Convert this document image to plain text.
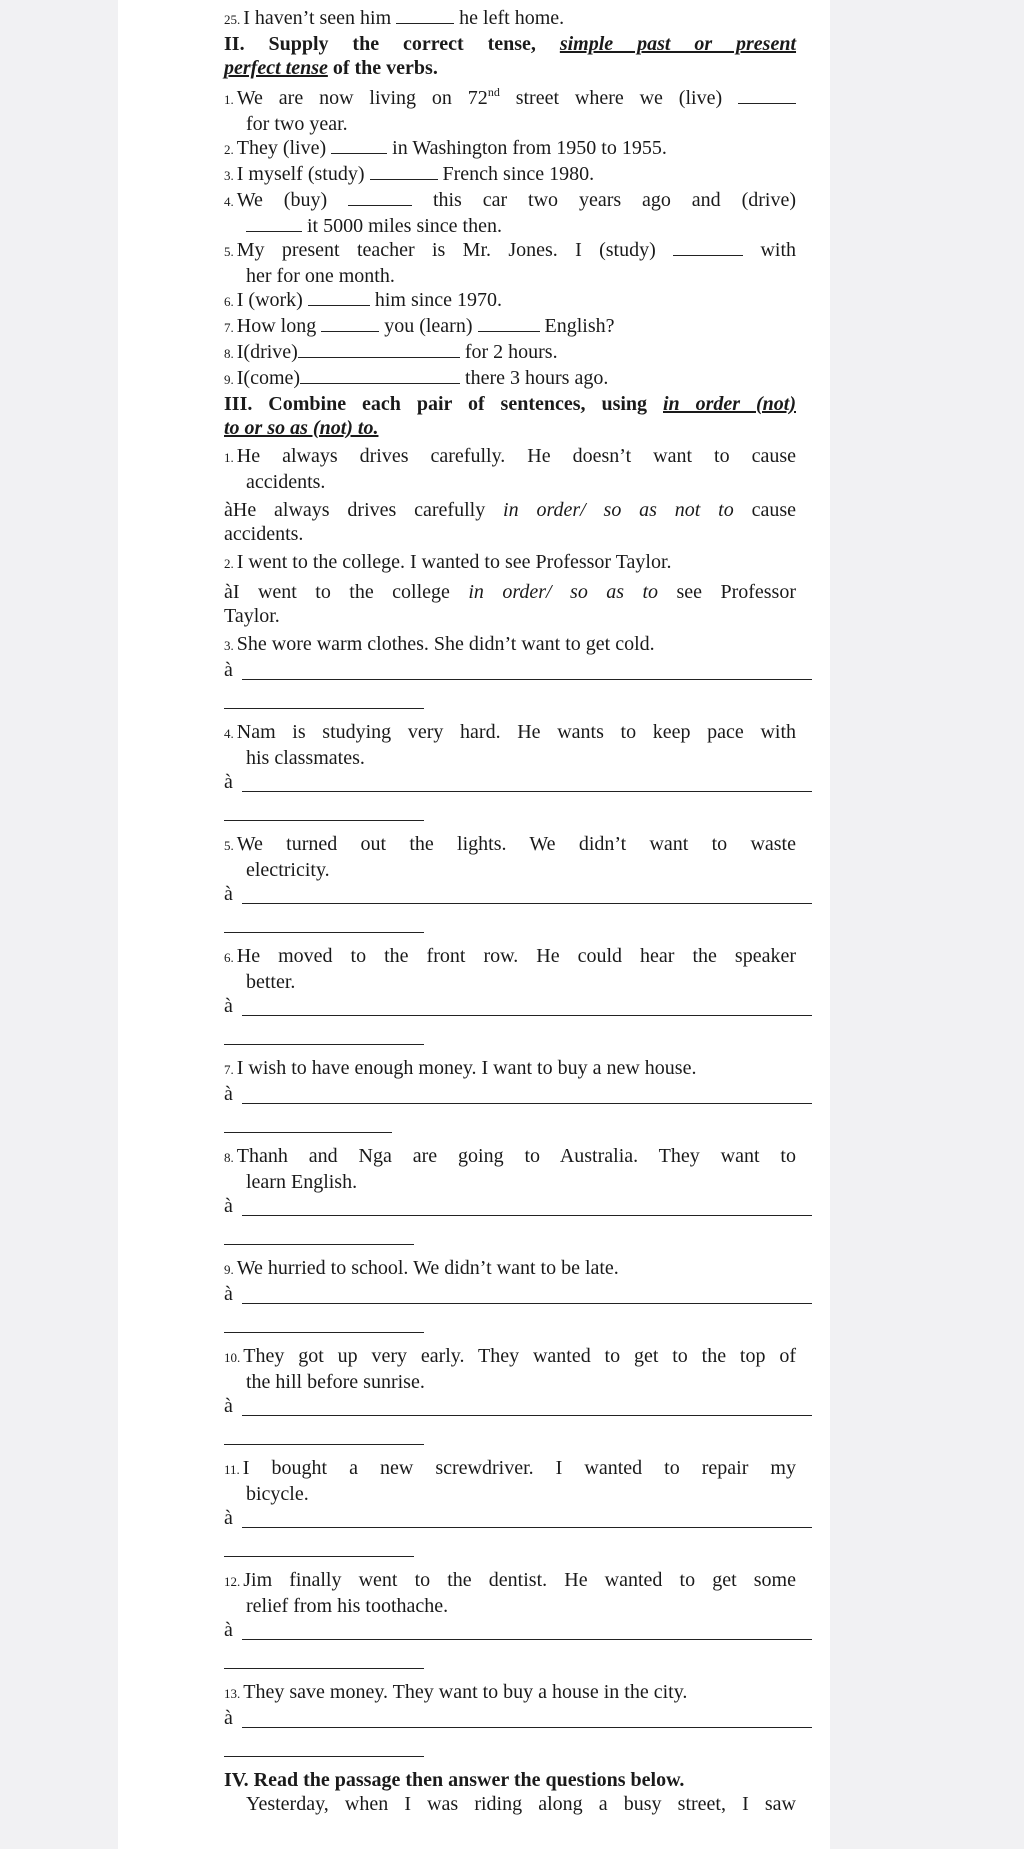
25. I haven’t seen him	he left home.
II. Supply the correct tense, simple past or present
perfect tense of the verbs.
1. We are now living on 72nd street where we (live)
for two year.
2. They (live)	in Washington from 1950 to 1955.
3. I myself (study)	French since 1980.
4. We (buy)	this car two years ago and (drive)
it 5000 miles since then.
5. My present teacher is Mr. Jones. I (study)	with
her for one month.
6. I (work)	him since 1970.
7. How long	you (learn)	English?
8. I(drive)	for 2 hours.
9. I(come)	there 3 hours ago.
III. Combine each pair of sentences, using in order (not)
to or so as (not) to.
1. He always drives carefully. He doesn’t want to cause
accidents.
àHe always drives carefully in order/ so as not to cause
accidents.
2. I went to the college. I wanted to see Professor Taylor.
àI went to the college in order/ so as to see Professor
Taylor.
3. She wore warm clothes. She didn’t want to get cold.
à
4. Nam is studying very hard. He wants to keep pace with
his classmates.
à
5. We turned out the lights. We didn’t want to waste
electricity.
à
6. He moved to the front row. He could hear the speaker
better.
à
7. I wish to have enough money. I want to buy a new house.
à
8. Thanh and Nga are going to Australia. They want to
learn English.
à
9. We hurried to school. We didn’t want to be late.
à
10. They got up very early. They wanted to get to the top of
the hill before sunrise.
à
11. I bought a new screwdriver. I wanted to repair my
bicycle.
à
12. Jim finally went to the dentist. He wanted to get some
relief from his toothache.
à
13. They save money. They want to buy a house in the city.
à
IV. Read the passage then answer the questions below.
Yesterday, when I was riding along a busy street, I saw
